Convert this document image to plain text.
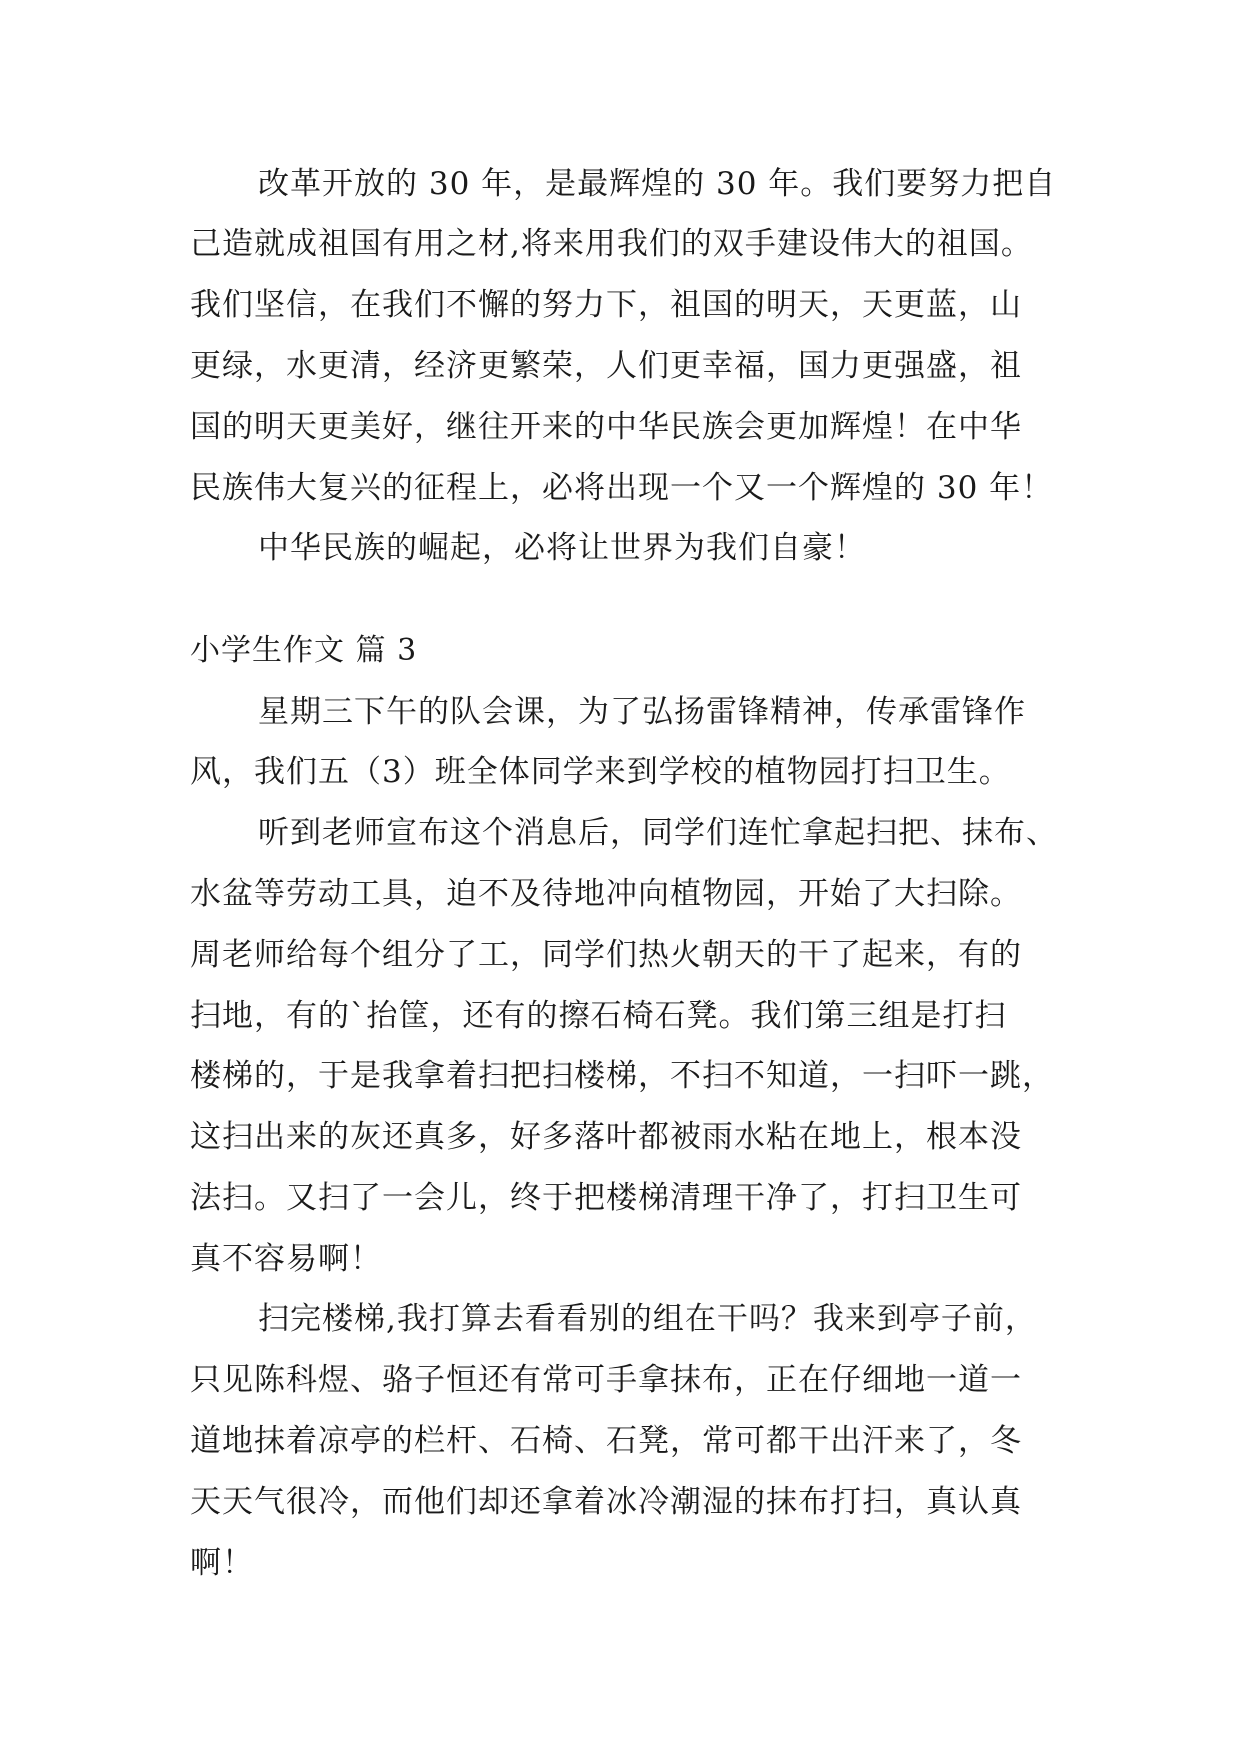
改革开放的 30 年，是最辉煌的 30 年。我们要努力把自
己造就成祖国有用之材,将来用我们的双手建设伟大的祖国。
我们坚信，在我们不懈的努力下，祖国的明天，天更蓝，山
更绿，水更清，经济更繁荣，人们更幸福，国力更强盛，祖
国的明天更美好，继往开来的中华民族会更加辉煌！在中华
民族伟大复兴的征程上，必将出现一个又一个辉煌的 30 年！
中华民族的崛起，必将让世界为我们自豪！
小学生作文 篇 3
星期三下午的队会课，为了弘扬雷锋精神，传承雷锋作
风，我们五（3）班全体同学来到学校的植物园打扫卫生。
听到老师宣布这个消息后，同学们连忙拿起扫把、抹布、
水盆等劳动工具，迫不及待地冲向植物园，开始了大扫除。
周老师给每个组分了工，同学们热火朝天的干了起来，有的
扫地，有的`抬筐，还有的擦石椅石凳。我们第三组是打扫
楼梯的，于是我拿着扫把扫楼梯，不扫不知道，一扫吓一跳，
这扫出来的灰还真多，好多落叶都被雨水粘在地上，根本没
法扫。又扫了一会儿，终于把楼梯清理干净了，打扫卫生可
真不容易啊！
扫完楼梯,我打算去看看别的组在干吗？我来到亭子前，
只见陈科煜、骆子恒还有常可手拿抹布，正在仔细地一道一
道地抹着凉亭的栏杆、石椅、石凳，常可都干出汗来了，冬
天天气很冷，而他们却还拿着冰冷潮湿的抹布打扫，真认真
啊！
